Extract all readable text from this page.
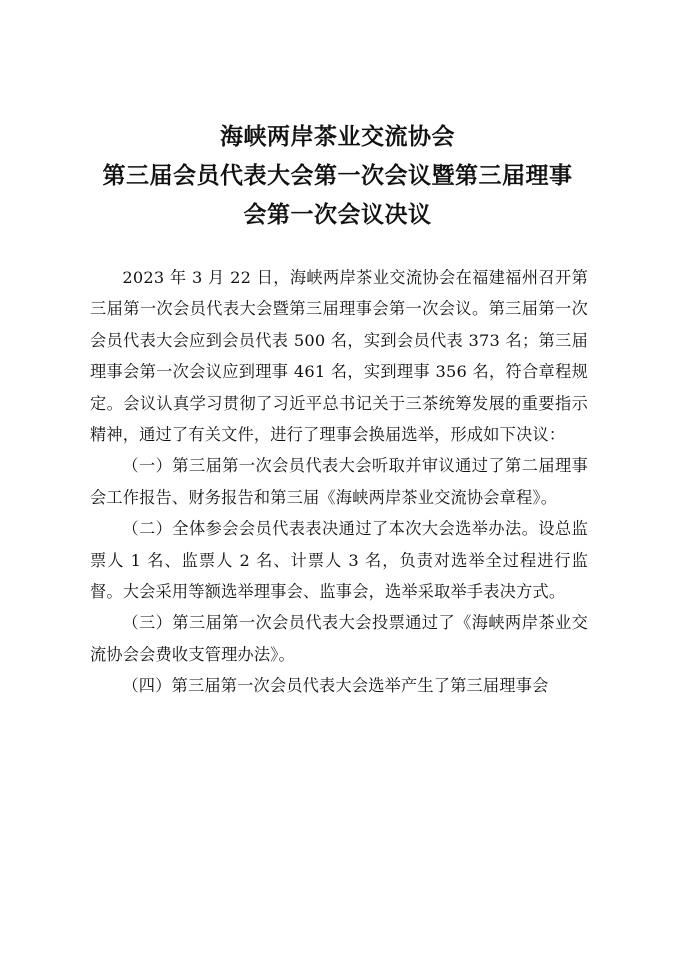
海峡两岸茶业交流协会
第三届会员代表大会第一次会议暨第三届理事
会第一次会议决议

2023 年 3 月 22 日，海峡两岸茶业交流协会在福建福州召开第三届第一次会员代表大会暨第三届理事会第一次会议。第三届第一次会员代表大会应到会员代表 500 名，实到会员代表 373 名；第三届理事会第一次会议应到理事 461 名，实到理事 356 名，符合章程规定。会议认真学习贯彻了习近平总书记关于三茶统筹发展的重要指示精神，通过了有关文件，进行了理事会换届选举，形成如下决议：

（一）第三届第一次会员代表大会听取并审议通过了第二届理事会工作报告、财务报告和第三届《海峡两岸茶业交流协会章程》。

（二）全体参会会员代表表决通过了本次大会选举办法。设总监票人 1 名、监票人 2 名、计票人 3 名，负责对选举全过程进行监督。大会采用等额选举理事会、监事会，选举采取举手表决方式。

（三）第三届第一次会员代表大会投票通过了《海峡两岸茶业交流协会会费收支管理办法》。

（四）第三届第一次会员代表大会选举产生了第三届理事会
